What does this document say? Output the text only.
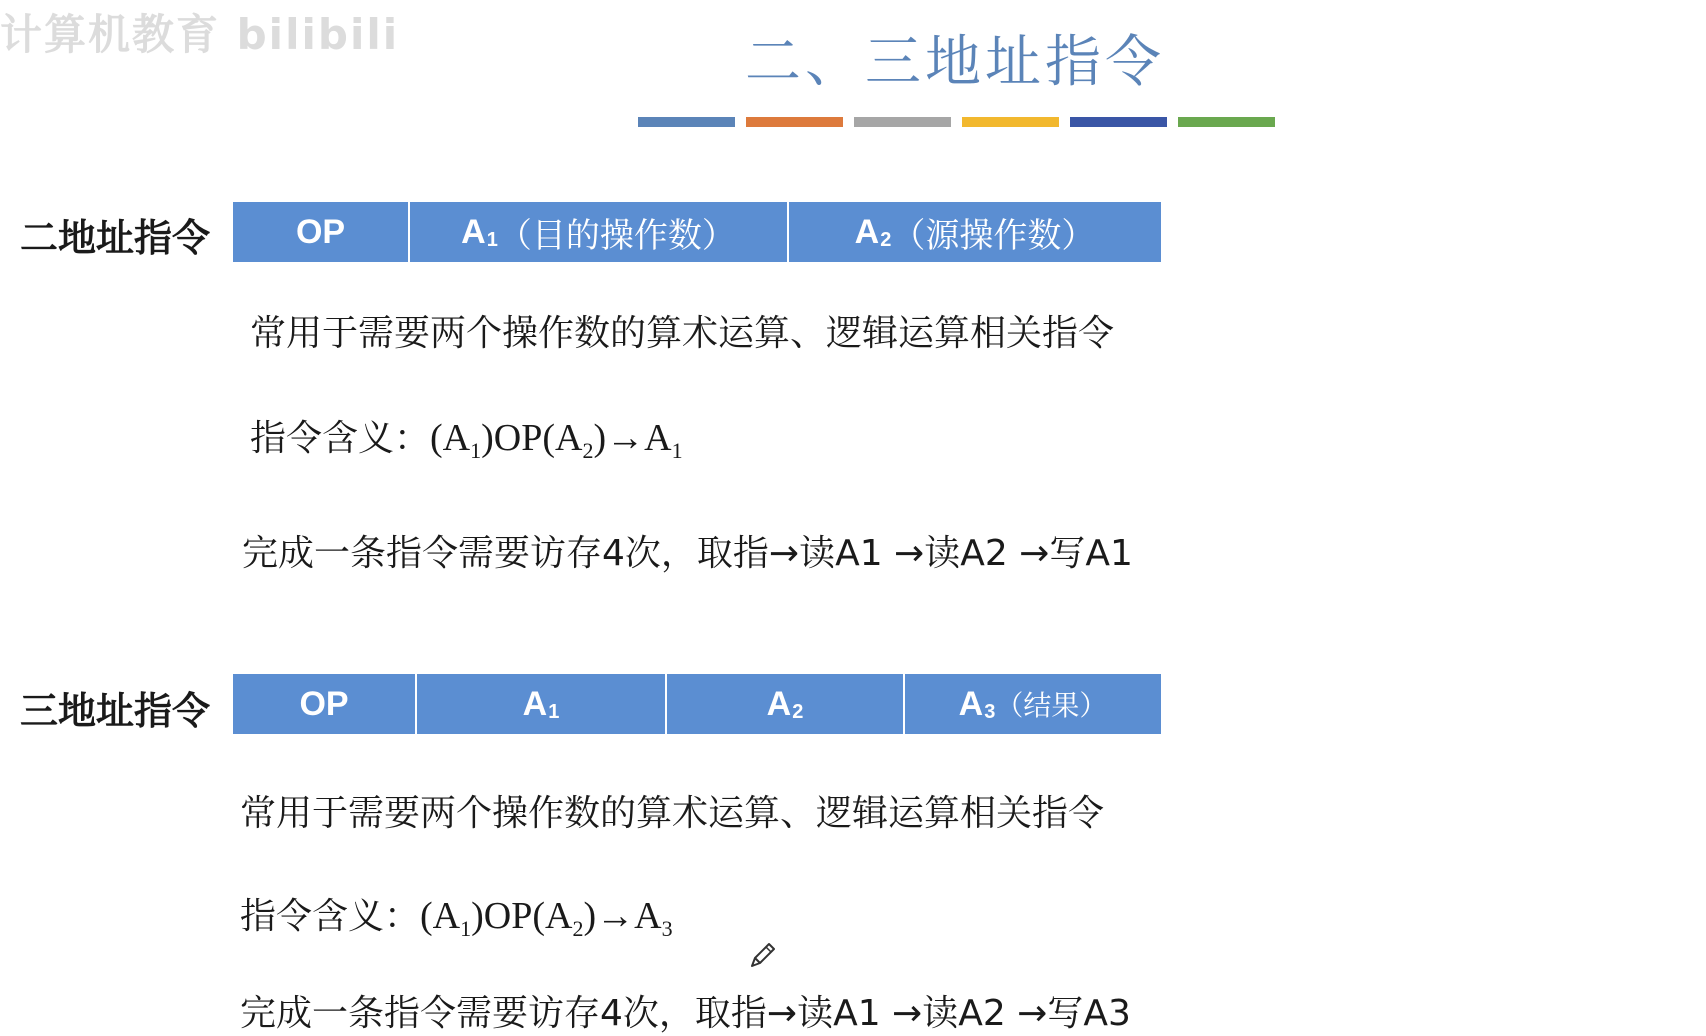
计算机教育 bilibili	二、三地址指令
二地址指令	OP	A 1 （目的操作数）	A 2 （源操作数）
常用于需要两个操作数的算术运算、逻辑运算相关指令
指令含义：$(A_1)OP(A_2)\to A_1$
完成一条指令需要访存4次，取指→读A1 →读A2 →写A1
三地址指令	OP	A 1	A 2	A 3 （结果）
常用于需要两个操作数的算术运算、逻辑运算相关指令
指令含义：$(A_1)OP(A_2)\to A_3$
完成一条指令需要访存4次，取指→读A1 →读A2 →写A3
